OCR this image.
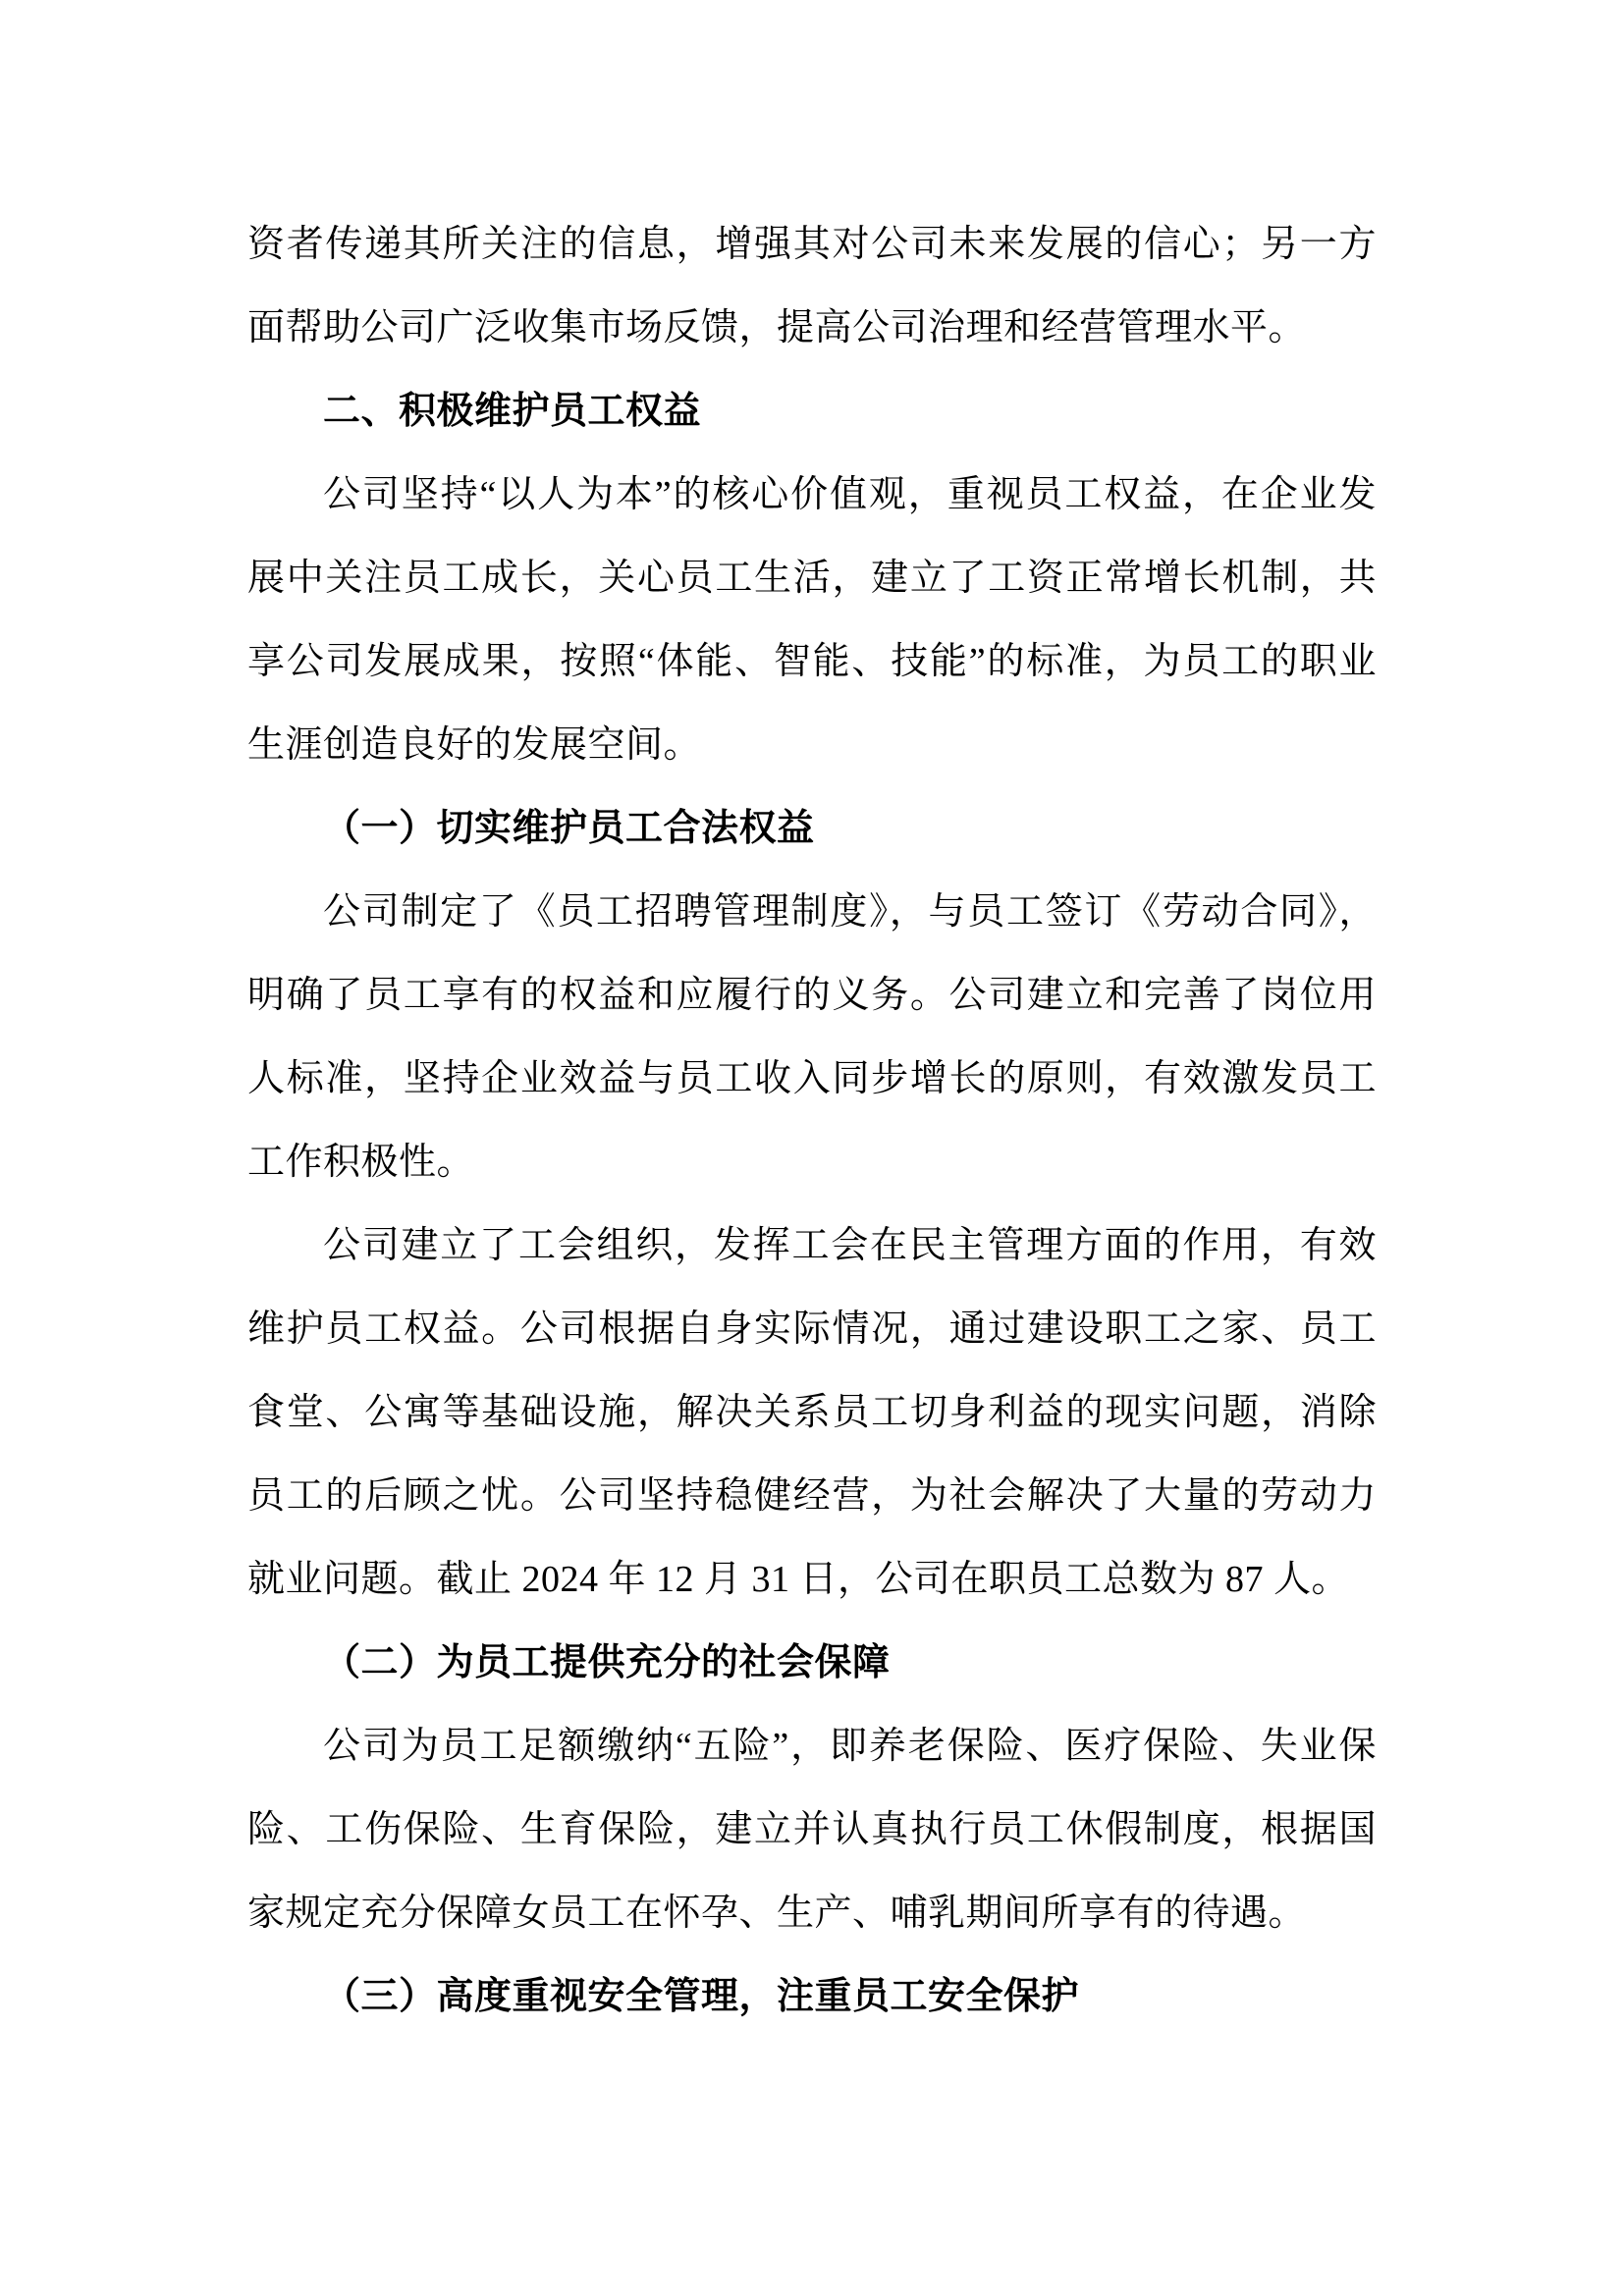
资者传递其所关注的信息，增强其对公司未来发展的信心；另一方面帮助公司广泛收集市场反馈，提高公司治理和经营管理水平。

二、积极维护员工权益

公司坚持“以人为本”的核心价值观，重视员工权益，在企业发展中关注员工成长，关心员工生活，建立了工资正常增长机制，共享公司发展成果，按照“体能、智能、技能”的标准，为员工的职业生涯创造良好的发展空间。

（一）切实维护员工合法权益

公司制定了《员工招聘管理制度》，与员工签订《劳动合同》，明确了员工享有的权益和应履行的义务。公司建立和完善了岗位用人标准，坚持企业效益与员工收入同步增长的原则，有效激发员工工作积极性。

公司建立了工会组织，发挥工会在民主管理方面的作用，有效维护员工权益。公司根据自身实际情况，通过建设职工之家、员工食堂、公寓等基础设施，解决关系员工切身利益的现实问题，消除员工的后顾之忧。公司坚持稳健经营，为社会解决了大量的劳动力就业问题。截止 2024 年 12 月 31 日，公司在职员工总数为 87 人。

（二）为员工提供充分的社会保障

公司为员工足额缴纳“五险”，即养老保险、医疗保险、失业保险、工伤保险、生育保险，建立并认真执行员工休假制度，根据国家规定充分保障女员工在怀孕、生产、哺乳期间所享有的待遇。

（三）高度重视安全管理，注重员工安全保护
